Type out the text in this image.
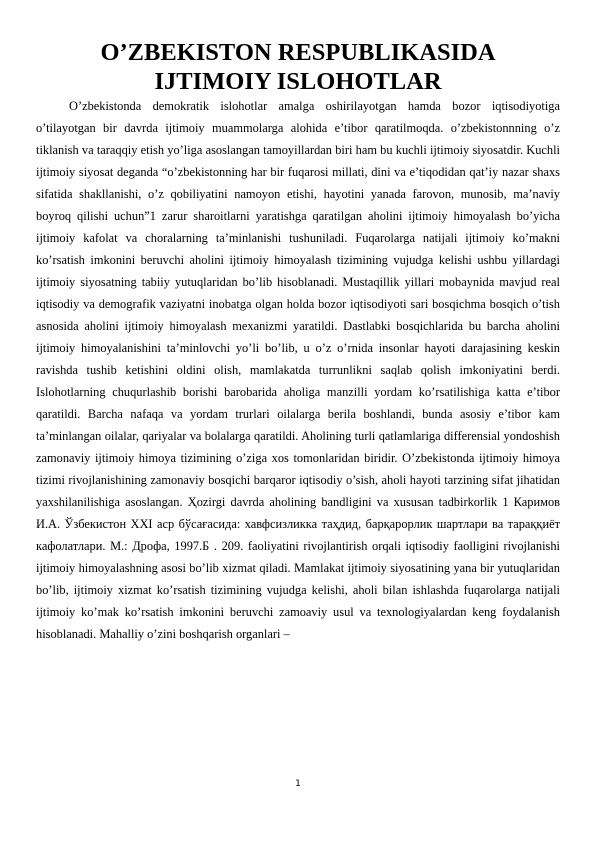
O’ZBEKISTON RESPUBLIKASIDA
IJTIMOIY ISLOHOTLAR

O’zbekistonda demokratik islohotlar amalga oshirilayotgan hamda bozor iqtisodiyotiga o’tilayotgan bir davrda ijtimoiy muammolarga alohida e’tibor qaratilmoqda. o’zbekistonnning o’z tiklanish va taraqqiy etish yo’liga asoslangan tamoyillardan biri ham bu kuchli ijtimoiy siyosatdir. Kuchli ijtimoiy siyosat deganda “o’zbekistonning har bir fuqarosi millati, dini va e’tiqodidan qat’iy nazar shaxs sifatida shakllanishi, o’z qobiliyatini namoyon etishi, hayotini yanada farovon, munosib, ma’naviy boyroq qilishi uchun”1 zarur sharoitlarni yaratishga qaratilgan aholini ijtimoiy himoyalash bo’yicha ijtimoiy kafolat va choralarning ta’minlanishi tushuniladi. Fuqarolarga natijali ijtimoiy ko’makni ko’rsatish imkonini beruvchi aholini ijtimoiy himoyalash tizimining vujudga kelishi ushbu yillardagi ijtimoiy siyosatning tabiiy yutuqlaridan bo’lib hisoblanadi. Mustaqillik yillari mobaynida mavjud real iqtisodiy va demografik vaziyatni inobatga olgan holda bozor iqtisodiyoti sari bosqichma bosqich o’tish asnosida aholini ijtimoiy himoyalash mexanizmi yaratildi. Dastlabki bosqichlarida bu barcha aholini ijtimoiy himoyalanishini ta’minlovchi yo’li bo’lib, u o’z o’rnida insonlar hayoti darajasining keskin ravishda tushib ketishini oldini olish, mamlakatda turrunlikni saqlab qolish imkoniyatini berdi. Islohotlarning chuqurlashib borishi barobarida aholiga manzilli yordam ko’rsatilishiga katta e’tibor qaratildi. Barcha nafaqa va yordam trurlari oilalarga berila boshlandi, bunda asosiy e’tibor kam ta’minlangan oilalar, qariyalar va bolalarga qaratildi. Aholining turli qatlamlariga differensial yondoshish zamonaviy ijtimoiy himoya tizimining o’ziga xos tomonlaridan biridir. O’zbekistonda ijtimoiy himoya tizimi rivojlanishining zamonaviy bosqichi barqaror iqtisodiy o’sish, aholi hayoti tarzining sifat jihatidan yaxshilanilishiga asoslangan. Ҳozirgi davrda aholining bandligini va xususan tadbirkorlik 1 Каримов И.А. Ўзбекистон XXI аср бўсағасида: хавфсизликка таҳдид, барқарорлик шартлари ва тараққиёт кафолатлари. М.: Дрофа, 1997.Б . 209. faoliyatini rivojlantirish orqali iqtisodiy faolligini rivojlanishi ijtimoiy himoyalashning asosi bo’lib xizmat qiladi. Mamlakat ijtimoiy siyosatining yana bir yutuqlaridan bo’lib, ijtimoiy xizmat ko’rsatish tizimining vujudga kelishi, aholi bilan ishlashda fuqarolarga natijali ijtimoiy ko’mak ko’rsatish imkonini beruvchi zamoaviy usul va texnologiyalardan keng foydalanish hisoblanadi. Mahalliy o’zini boshqarish organlari –

1
